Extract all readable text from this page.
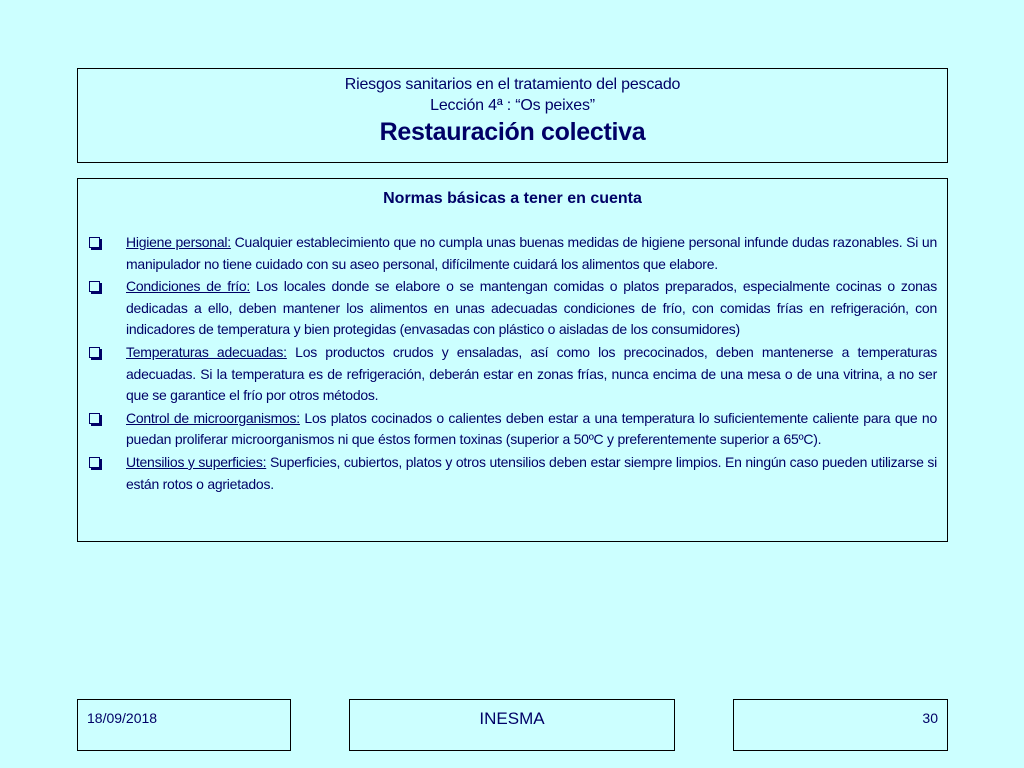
Riesgos sanitarios en el tratamiento del pescado
Lección 4ª : “Os peixes”
Restauración colectiva
Normas básicas a tener en cuenta
Higiene personal: Cualquier establecimiento que no cumpla unas buenas medidas de higiene personal infunde dudas razonables. Si un manipulador no tiene cuidado con su aseo personal, difícilmente cuidará los alimentos que elabore.
Condiciones de frío: Los locales donde se elabore o se mantengan comidas o platos preparados, especialmente cocinas o zonas dedicadas a ello, deben mantener los alimentos en unas adecuadas condiciones de frío, con comidas frías en refrigeración, con indicadores de temperatura y bien protegidas (envasadas con plástico o aisladas de los consumidores)
Temperaturas adecuadas: Los productos crudos y ensaladas, así como los precocinados, deben mantenerse a temperaturas adecuadas. Si la temperatura es de refrigeración, deberán estar en zonas frías, nunca encima de una mesa o de una vitrina, a no ser que se garantice el frío por otros métodos.
Control de microorganismos: Los platos cocinados o calientes deben estar a una temperatura lo suficientemente caliente para que no puedan proliferar microorganismos ni que éstos formen toxinas (superior a 50ºC y preferentemente superior a 65ºC).
Utensilios y superficies: Superficies, cubiertos, platos y otros utensilios deben estar siempre limpios. En ningún caso pueden utilizarse si están rotos o agrietados.
18/09/2018	INESMA	30
